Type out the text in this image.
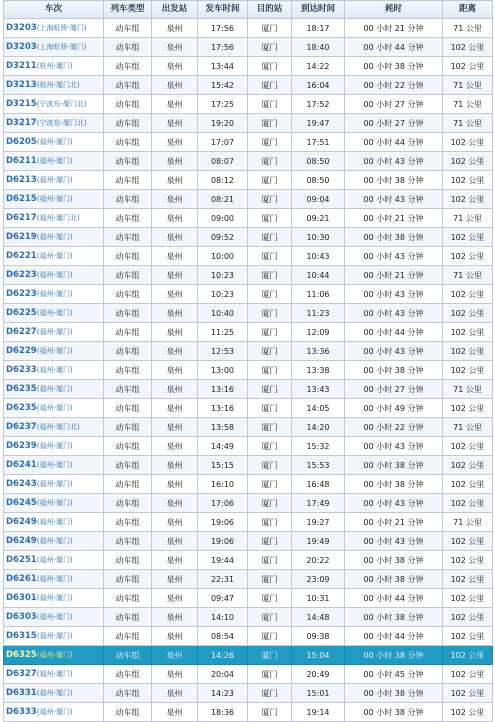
车次	列车类型	出发站	发车时间	目的站	到达时间	耗时	距离
D3203(上海虹桥-厦门)	动车组	泉州	17:56	厦门	18:17	00 小时 21 分钟	71 公里
D3203(上海虹桥-厦门)	动车组	泉州	17:56	厦门	18:40	00 小时 44 分钟	102 公里
D3211(杭州-厦门)	动车组	泉州	13:44	厦门	14:22	00 小时 38 分钟	102 公里
D3213(杭州-厦门北)	动车组	泉州	15:42	厦门	16:04	00 小时 22 分钟	71 公里
D3215(宁波东-厦门北)	动车组	泉州	17:25	厦门	17:52	00 小时 27 分钟	71 公里
D3217(宁波东-厦门北)	动车组	泉州	19:20	厦门	19:47	00 小时 27 分钟	71 公里
D6205(福州-厦门)	动车组	泉州	17:07	厦门	17:51	00 小时 44 分钟	102 公里
D6211(福州-厦门)	动车组	泉州	08:07	厦门	08:50	00 小时 43 分钟	102 公里
D6213(福州-厦门)	动车组	泉州	08:12	厦门	08:50	00 小时 38 分钟	102 公里
D6215(福州-厦门)	动车组	泉州	08:21	厦门	09:04	00 小时 43 分钟	102 公里
D6217(福州-厦门北)	动车组	泉州	09:00	厦门	09:21	00 小时 21 分钟	71 公里
D6219(福州-厦门)	动车组	泉州	09:52	厦门	10:30	00 小时 38 分钟	102 公里
D6221(福州-厦门)	动车组	泉州	10:00	厦门	10:43	00 小时 43 分钟	102 公里
D6223(福州-厦门)	动车组	泉州	10:23	厦门	10:44	00 小时 21 分钟	71 公里
D6223(福州-厦门)	动车组	泉州	10:23	厦门	11:06	00 小时 43 分钟	102 公里
D6225(福州-厦门)	动车组	泉州	10:40	厦门	11:23	00 小时 43 分钟	102 公里
D6227(福州-厦门)	动车组	泉州	11:25	厦门	12:09	00 小时 44 分钟	102 公里
D6229(福州-厦门)	动车组	泉州	12:53	厦门	13:36	00 小时 43 分钟	102 公里
D6233(福州-厦门)	动车组	泉州	13:00	厦门	13:38	00 小时 38 分钟	102 公里
D6235(福州-厦门)	动车组	泉州	13:16	厦门	13:43	00 小时 27 分钟	71 公里
D6235(福州-厦门)	动车组	泉州	13:16	厦门	14:05	00 小时 49 分钟	102 公里
D6237(福州-厦门北)	动车组	泉州	13:58	厦门	14:20	00 小时 22 分钟	71 公里
D6239(福州-厦门)	动车组	泉州	14:49	厦门	15:32	00 小时 43 分钟	102 公里
D6241(福州-厦门)	动车组	泉州	15:15	厦门	15:53	00 小时 38 分钟	102 公里
D6243(福州-厦门)	动车组	泉州	16:10	厦门	16:48	00 小时 38 分钟	102 公里
D6245(福州-厦门)	动车组	泉州	17:06	厦门	17:49	00 小时 43 分钟	102 公里
D6249(福州-厦门)	动车组	泉州	19:06	厦门	19:27	00 小时 21 分钟	71 公里
D6249(福州-厦门)	动车组	泉州	19:06	厦门	19:49	00 小时 43 分钟	102 公里
D6251(福州-厦门)	动车组	泉州	19:44	厦门	20:22	00 小时 38 分钟	102 公里
D6261(福州-厦门)	动车组	泉州	22:31	厦门	23:09	00 小时 38 分钟	102 公里
D6301(福州-厦门)	动车组	泉州	09:47	厦门	10:31	00 小时 44 分钟	102 公里
D6303(福州-厦门)	动车组	泉州	14:10	厦门	14:48	00 小时 38 分钟	102 公里
D6315(福州-厦门)	动车组	泉州	08:54	厦门	09:38	00 小时 44 分钟	102 公里
D6325(福州-厦门)	动车组	泉州	14:26	厦门	15:04	00 小时 38 分钟	102 公里
D6327(福州-厦门)	动车组	泉州	20:04	厦门	20:49	00 小时 45 分钟	102 公里
D6331(福州-厦门)	动车组	泉州	14:23	厦门	15:01	00 小时 38 分钟	102 公里
D6333(福州-厦门)	动车组	泉州	18:36	厦门	19:14	00 小时 38 分钟	102 公里
